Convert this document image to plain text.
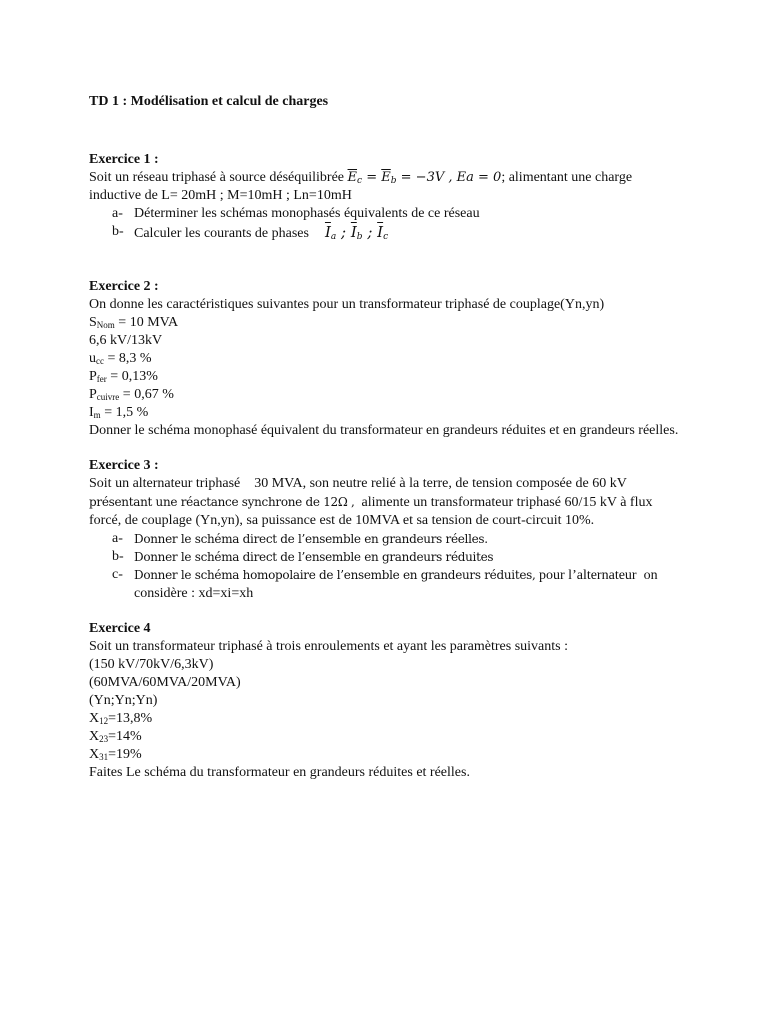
TD 1 : Modélisation et calcul de charges
Exercice 1 :
Soit un réseau triphasé à source déséquilibrée $\overline{E}_c = \overline{E}_b = -3V$ , Ea = 0; alimentant une charge
inductive de L= 20mH ; M=10mH ; Ln=10mH
a- Déterminer les schémas monophasés équivalents de ce réseau
b- Calculer les courants de phases $\overline{I}_a$ ; $\overline{I}_b$ ; $\overline{I}_c$
Exercice 2 :
On donne les caractéristiques suivantes pour un transformateur triphasé de couplage(Yn,yn)
$S_{Nom} = 10$ MVA
6,6 kV/13kV
$u_{cc} = 8,3$ %
$P_{fer} = 0,13\%$
$P_{cuivre} = 0,67$ %
$I_m = 1,5$ %
Donner le schéma monophasé équivalent du transformateur en grandeurs réduites et en grandeurs réelles.
Exercice 3 :
Soit un alternateur triphasé    30 MVA, son neutre relié à la terre, de tension composée de 60 kV
présentant une réactance synchrone de 12Ω ,  alimente un transformateur triphasé 60/15 kV à flux
forcé, de couplage (Yn,yn), sa puissance est de 10MVA et sa tension de court-circuit 10%.
a- Donner le schéma direct de l’ensemble en grandeurs réelles.
b- Donner le schéma direct de l’ensemble en grandeurs réduites
c- Donner le schéma homopolaire de l’ensemble en grandeurs réduites, pour l’alternateur  on
considère : xd=xi=xh
Exercice 4
Soit un transformateur triphasé à trois enroulements et ayant les paramètres suivants :
(150 kV/70kV/6,3kV)
(60MVA/60MVA/20MVA)
(Yn;Yn;Yn)
$X_{12}=13,8\%$
$X_{23}=14\%$
$X_{31}=19\%$
Faites Le schéma du transformateur en grandeurs réduites et réelles.
